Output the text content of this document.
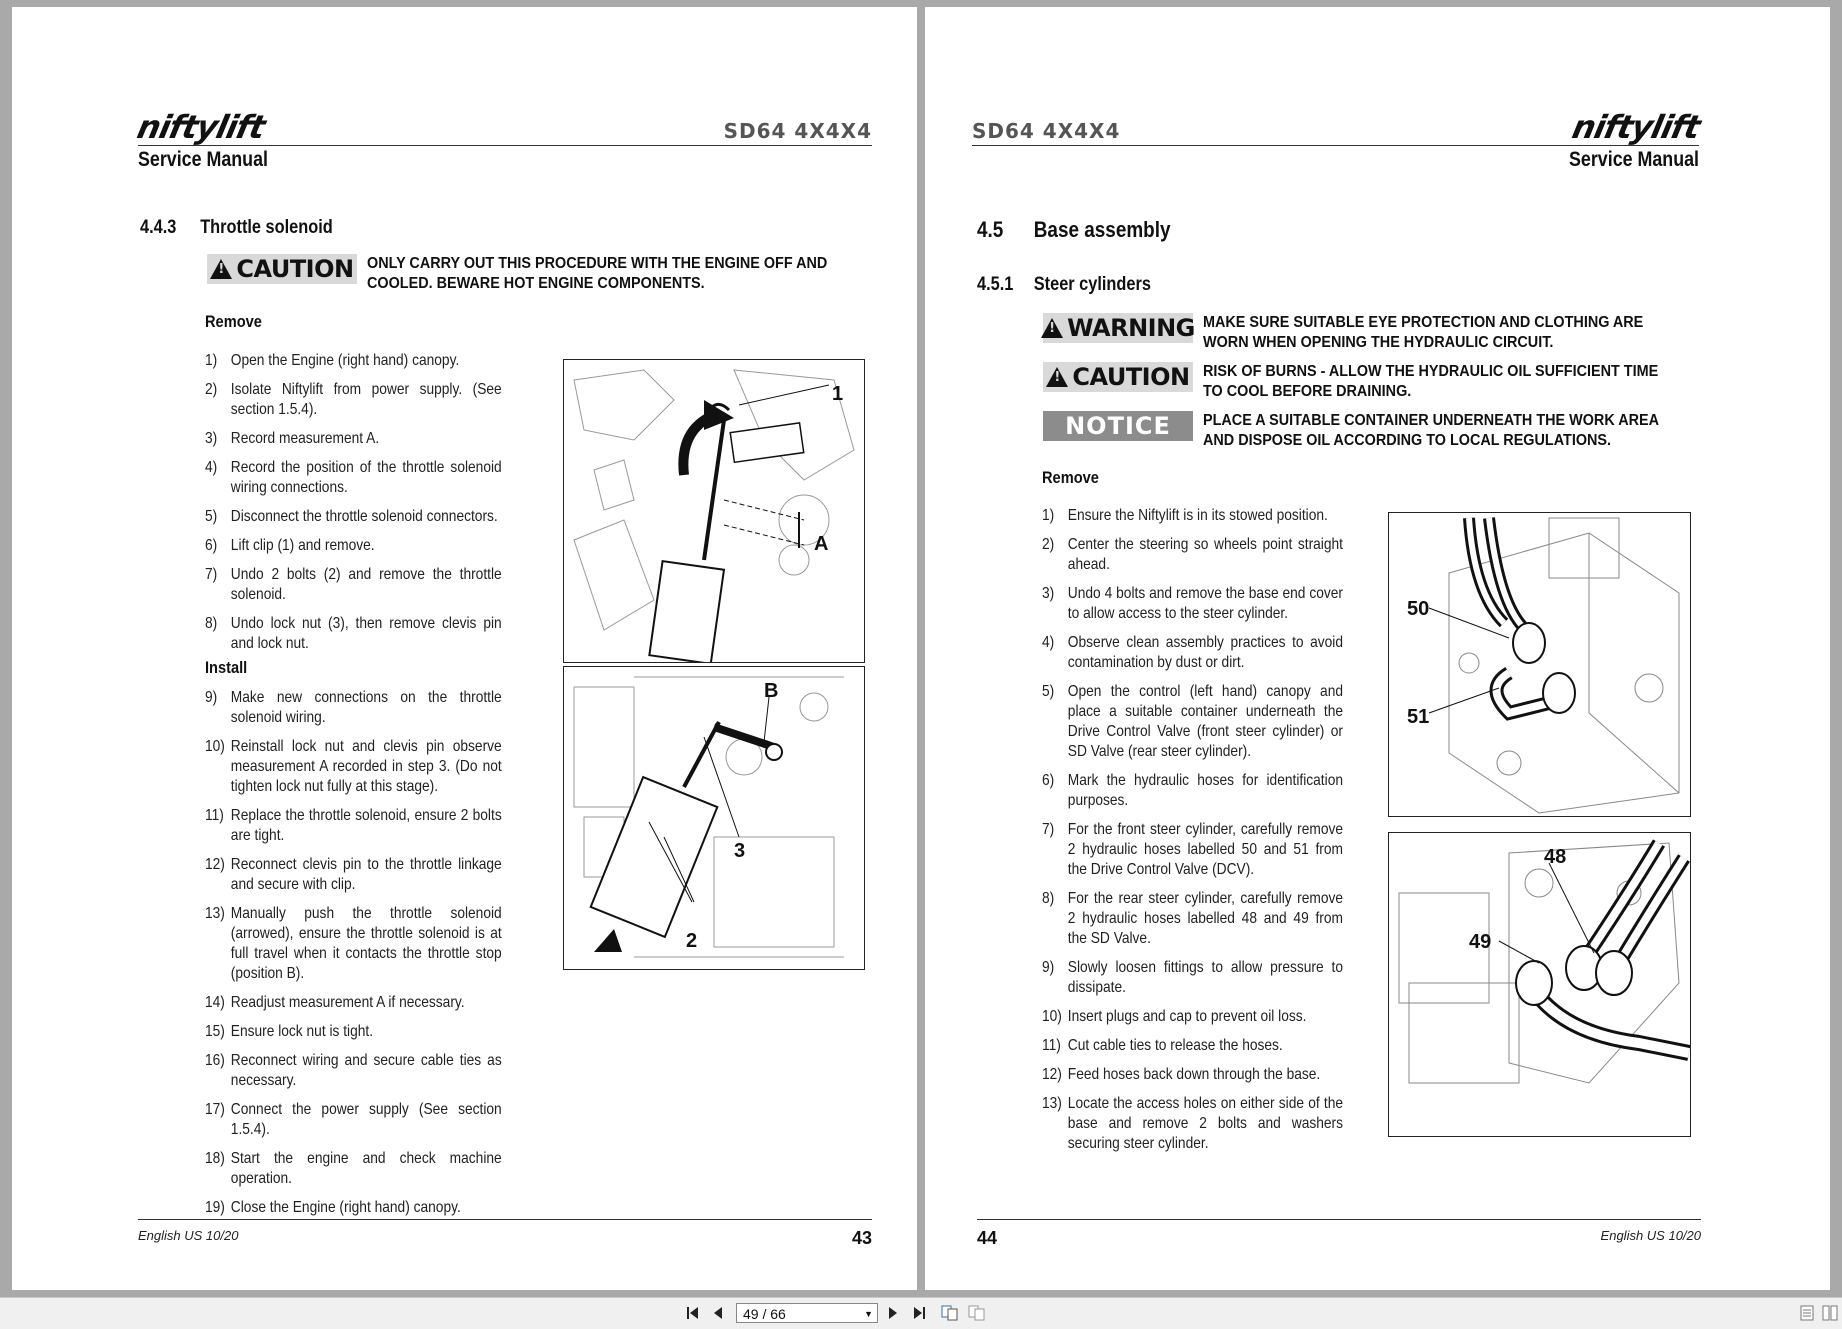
niftylift	SD64 4X4X4
Service Manual
4.4.3	Throttle solenoid
!
CAUTION ONLY CARRY OUT THIS PROCEDURE WITH THE ENGINE OFF AND COOLED. BEWARE HOT ENGINE COMPONENTS.
Remove
1) Open the Engine (right hand) canopy.
2) Isolate Niftylift from power supply. (See section 1.5.4).
3) Record measurement A.
4) Record the position of the throttle solenoid wiring connections.
5) Disconnect the throttle solenoid connectors.
6) Lift clip (1) and remove.
7) Undo 2 bolts (2) and remove the throttle solenoid.
8) Undo lock nut (3), then remove clevis pin and lock nut.
Install
9) Make new connections on the throttle solenoid wiring.
10) Reinstall lock nut and clevis pin observe measurement A recorded in step 3. (Do not tighten lock nut fully at this stage).
11) Replace the throttle solenoid, ensure 2 bolts are tight.
12) Reconnect clevis pin to the throttle linkage and secure with clip.
13) Manually push the throttle solenoid (arrowed), ensure the throttle solenoid is at full travel when it contacts the throttle stop (position B).
14) Readjust measurement A if necessary.
15) Ensure lock nut is tight.
16) Reconnect wiring and secure cable ties as necessary.
17) Connect the power supply (See section 1.5.4).
18) Start the engine and check machine operation.
19) Close the Engine (right hand) canopy.
1
A
B
3
2
English US 10/20	43
SD64 4X4X4	niftylift
Service Manual
4.5	Base assembly
4.5.1	Steer cylinders
!
WARNING MAKE SURE SUITABLE EYE PROTECTION AND CLOTHING ARE WORN WHEN OPENING THE HYDRAULIC CIRCUIT.
!
CAUTION RISK OF BURNS - ALLOW THE HYDRAULIC OIL SUFFICIENT TIME TO COOL BEFORE DRAINING.
NOTICE	PLACE A SUITABLE CONTAINER UNDERNEATH THE WORK AREA AND DISPOSE OIL ACCORDING TO LOCAL REGULATIONS.
Remove
1) Ensure the Niftylift is in its stowed position.
2) Center the steering so wheels point straight ahead.
3) Undo 4 bolts and remove the base end cover to allow access to the steer cylinder.
4) Observe clean assembly practices to avoid contamination by dust or dirt.
5) Open the control (left hand) canopy and place a suitable container underneath the Drive Control Valve (front steer cylinder) or SD Valve (rear steer cylinder).
6) Mark the hydraulic hoses for identification purposes.
7) For the front steer cylinder, carefully remove 2 hydraulic hoses labelled 50 and 51 from the Drive Control Valve (DCV).
8) For the rear steer cylinder, carefully remove 2 hydraulic hoses labelled 48 and 49 from the SD Valve.
9) Slowly loosen fittings to allow pressure to dissipate.
10) Insert plugs and cap to prevent oil loss.
11) Cut cable ties to release the hoses.
12) Feed hoses back down through the base.
13) Locate the access holes on either side of the base and remove 2 bolts and washers securing steer cylinder.
50
51
48
49
44	English US 10/20
49 / 66	▼
